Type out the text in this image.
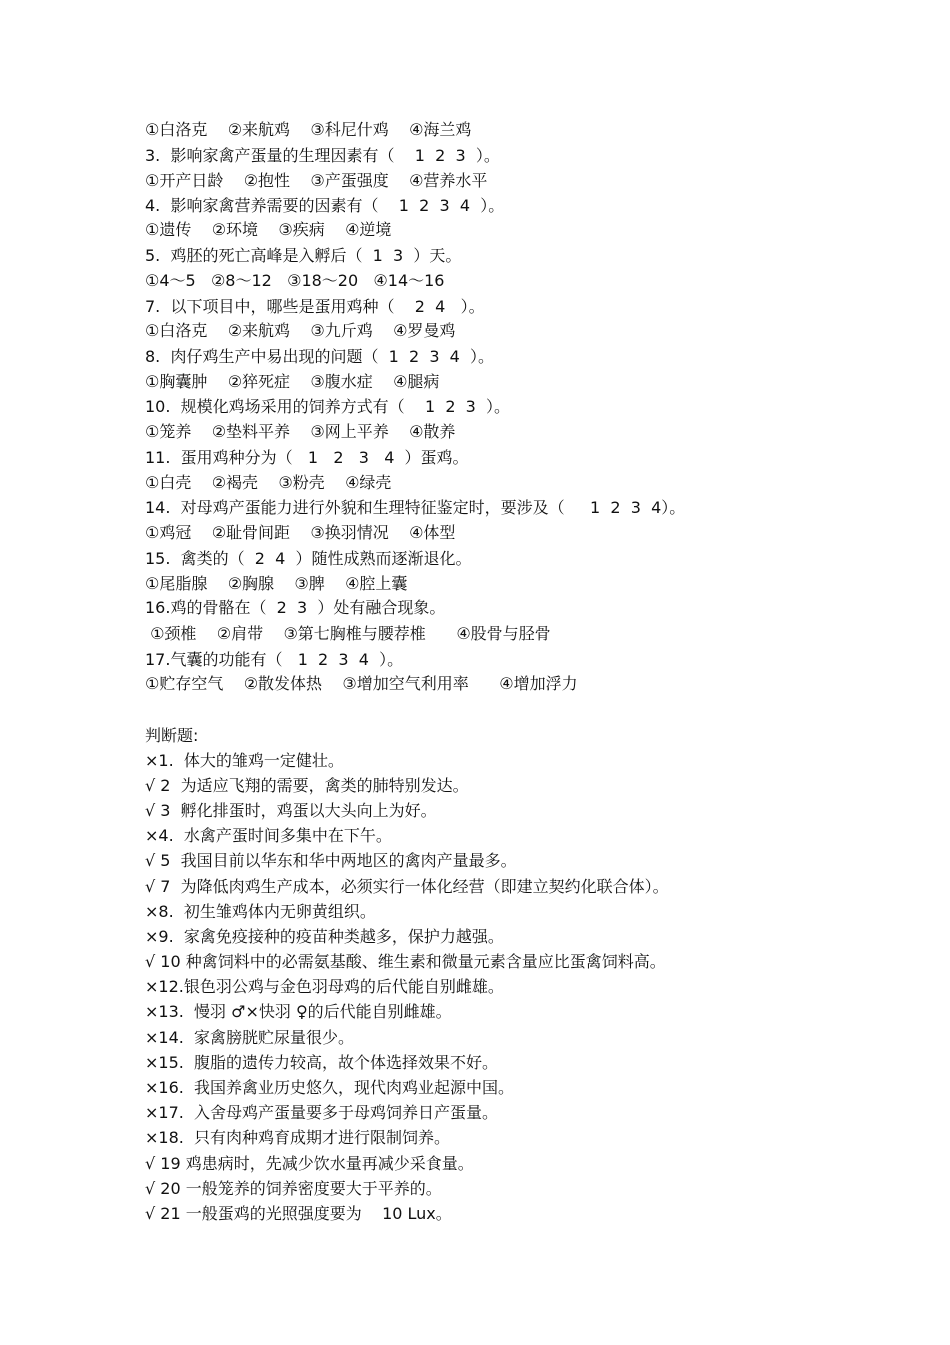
①白洛克    ②来航鸡    ③科尼什鸡    ④海兰鸡

3.  影响家禽产蛋量的生理因素有（    1  2  3  ）。

①开产日龄    ②抱性    ③产蛋强度    ④营养水平

4.  影响家禽营养需要的因素有（    1  2  3  4  ）。

①遗传    ②环境    ③疾病    ④逆境

5.  鸡胚的死亡高峰是入孵后（  1  3  ）天。

①4～5   ②8～12   ③18～20   ④14～16

7.  以下项目中，哪些是蛋用鸡种（    2  4   ）。

①白洛克    ②来航鸡    ③九斤鸡    ④罗曼鸡

8.  肉仔鸡生产中易出现的问题（  1  2  3  4  ）。

①胸囊肿    ②猝死症    ③腹水症    ④腿病

10.  规模化鸡场采用的饲养方式有（    1  2  3  ）。

①笼养    ②垫料平养    ③网上平养    ④散养

11.  蛋用鸡种分为（   1   2   3   4  ）蛋鸡。

①白壳    ②褐壳    ③粉壳    ④绿壳

14.  对母鸡产蛋能力进行外貌和生理特征鉴定时，要涉及（     1  2  3  4）。

①鸡冠    ②耻骨间距    ③换羽情况    ④体型

15.  禽类的（  2  4  ）随性成熟而逐渐退化。

①尾脂腺    ②胸腺    ③脾    ④腔上囊

16.鸡的骨骼在（  2  3  ）处有融合现象。

①颈椎    ②肩带    ③第七胸椎与腰荐椎      ④股骨与胫骨

17.气囊的功能有（   1  2  3  4  ）。

①贮存空气    ②散发体热    ③增加空气利用率      ④增加浮力

判断题:

×1.  体大的雏鸡一定健壮。

√ 2  为适应飞翔的需要，禽类的肺特别发达。

√ 3  孵化排蛋时，鸡蛋以大头向上为好。

×4.  水禽产蛋时间多集中在下午。

√ 5  我国目前以华东和华中两地区的禽肉产量最多。

√ 7  为降低肉鸡生产成本，必须实行一体化经营（即建立契约化联合体）。

×8.  初生雏鸡体内无卵黄组织。

×9.  家禽免疫接种的疫苗种类越多，保护力越强。

√ 10 种禽饲料中的必需氨基酸、维生素和微量元素含量应比蛋禽饲料高。

×12.银色羽公鸡与金色羽母鸡的后代能自别雌雄。

×13.  慢羽 ♂×快羽 ♀的后代能自别雌雄。

×14.  家禽膀胱贮尿量很少。

×15.  腹脂的遗传力较高，故个体选择效果不好。

×16.  我国养禽业历史悠久，现代肉鸡业起源中国。

×17.  入舍母鸡产蛋量要多于母鸡饲养日产蛋量。

×18.  只有肉种鸡育成期才进行限制饲养。

√ 19 鸡患病时，先减少饮水量再减少采食量。

√ 20 一般笼养的饲养密度要大于平养的。

√ 21 一般蛋鸡的光照强度要为    10 Lux。
